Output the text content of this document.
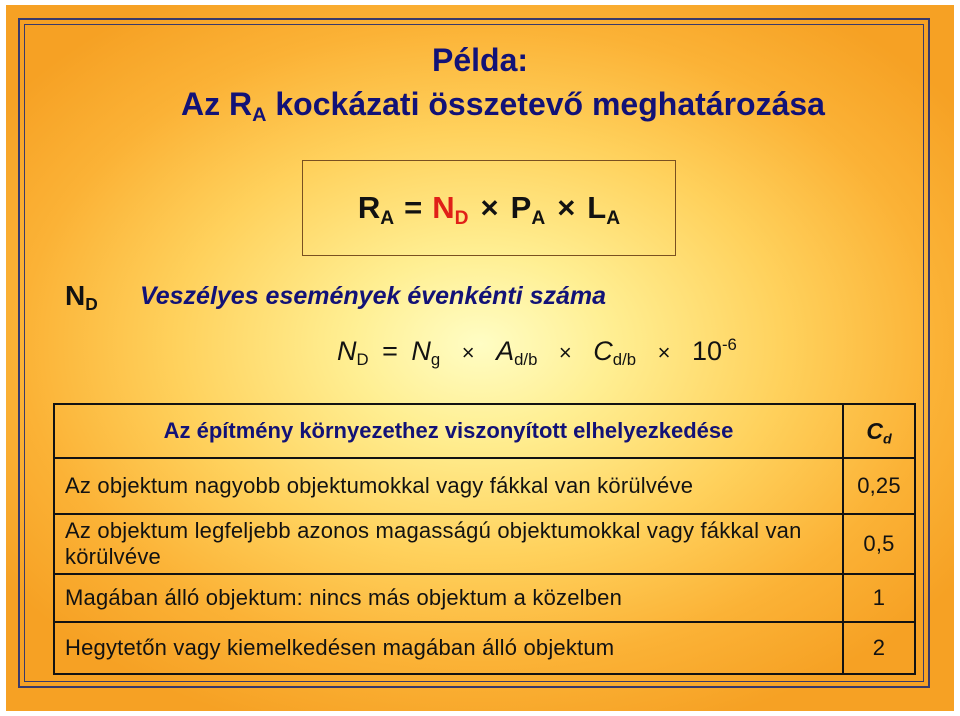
Példa:
Az $R_A$ kockázati összetevő meghatározása
$R_A = N_D \times P_A \times L_A$
$N_D$ Veszélyes események évenkénti száma
$N_D = N_g \times A_{d/b} \times C_{d/b} \times 10^{-6}$
Az építmény környezethez viszonyított elhelyezkedése	$C_d$
Az objektum nagyobb objektumokkal vagy fákkal van körülvéve	0,25
Az objektum legfeljebb azonos magasságú objektumokkal vagy fákkal van körülvéve	0,5
Magában álló objektum: nincs más objektum a közelben	1
Hegytetőn vagy kiemelkedésen magában álló objektum	2
